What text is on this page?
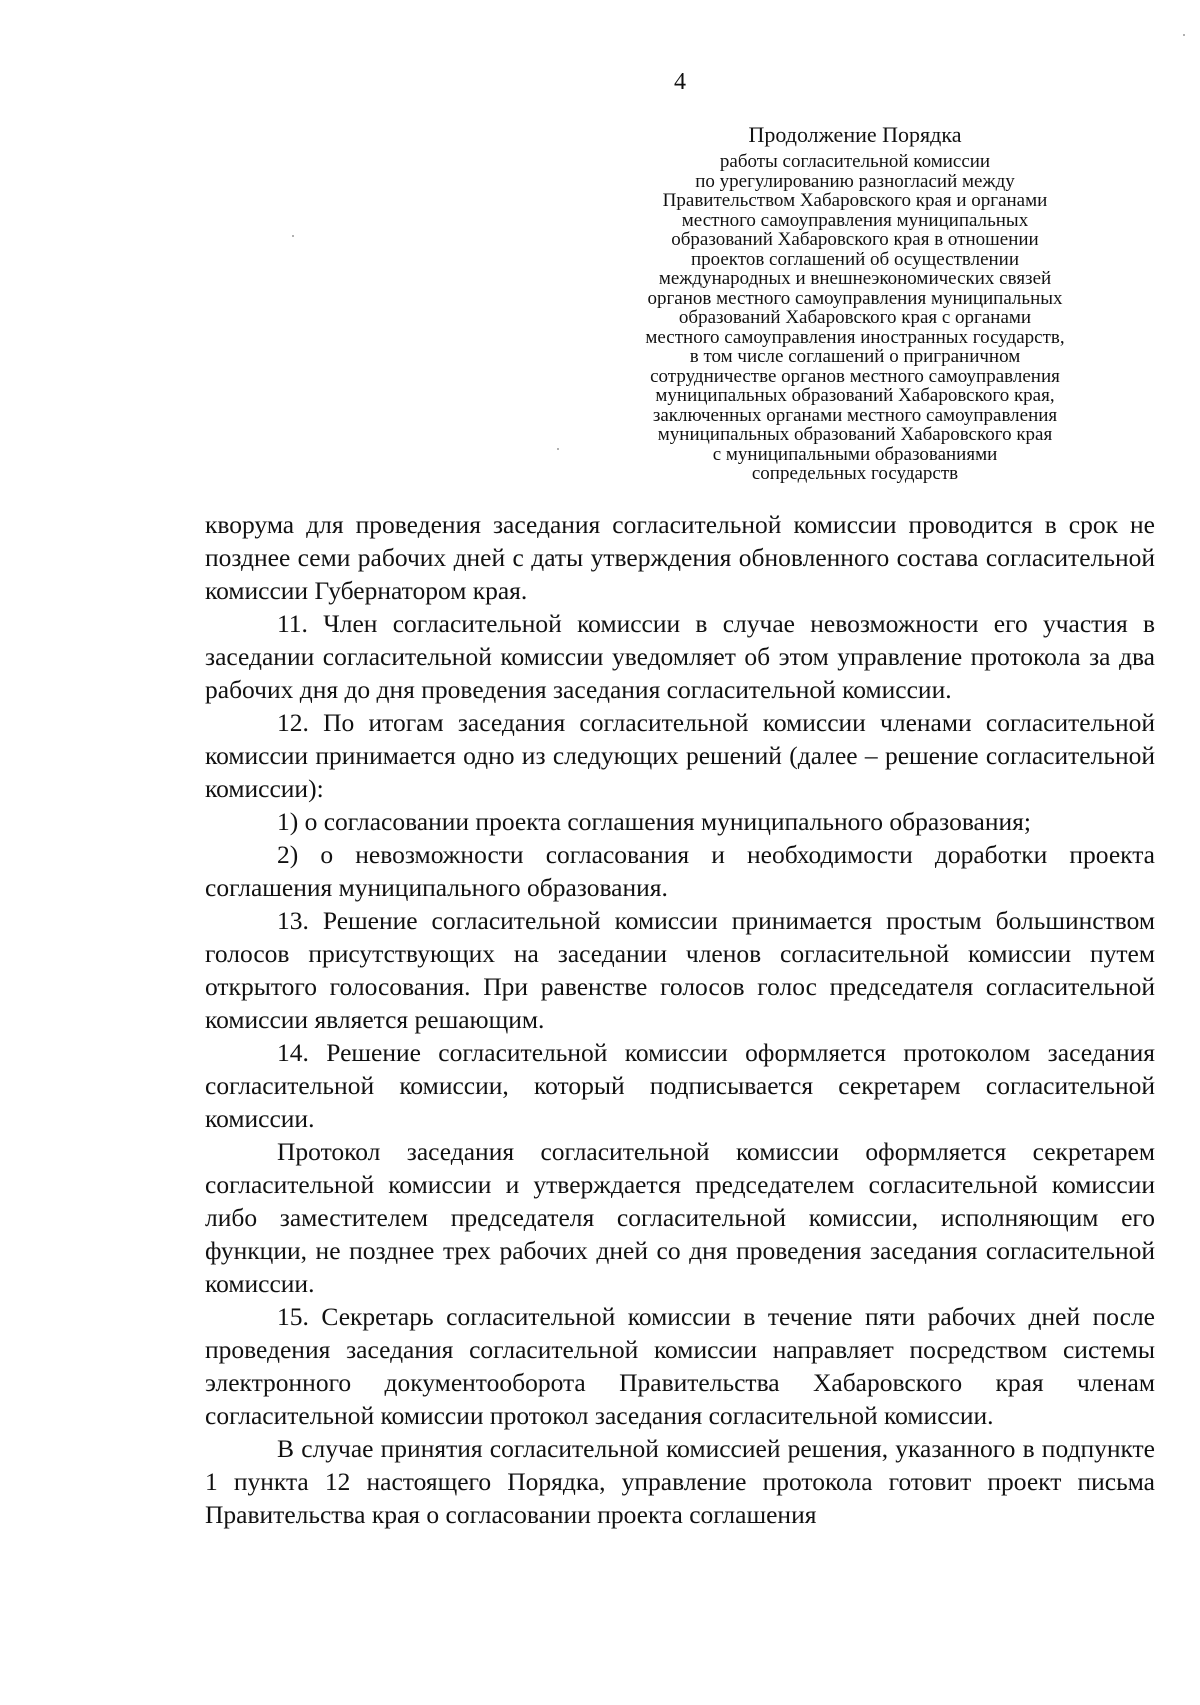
4

Продолжение Порядка

работы согласительной комиссии

по урегулированию разногласий между

Правительством Хабаровского края и органами

местного самоуправления муниципальных

образований Хабаровского края в отношении

проектов соглашений об осуществлении

международных и внешнеэкономических связей

органов местного самоуправления муниципальных

образований Хабаровского края с органами

местного самоуправления иностранных государств,

в том числе соглашений о приграничном

сотрудничестве органов местного самоуправления

муниципальных образований Хабаровского края,

заключенных органами местного самоуправления

муниципальных образований Хабаровского края

с муниципальными образованиями

сопредельных государств

кворума для проведения заседания согласительной комиссии проводится в срок не позднее семи рабочих дней с даты утверждения обновленного состава согласительной комиссии Губернатором края.

11. Член согласительной комиссии в случае невозможности его участия в заседании согласительной комиссии уведомляет об этом управление протокола за два рабочих дня до дня проведения заседания согласительной комиссии.

12. По итогам заседания согласительной комиссии членами согласительной комиссии принимается одно из следующих решений (далее – решение согласительной комиссии):

1) о согласовании проекта соглашения муниципального образования;

2) о невозможности согласования и необходимости доработки проекта соглашения муниципального образования.

13. Решение согласительной комиссии принимается простым большинством голосов присутствующих на заседании членов согласительной комиссии путем открытого голосования. При равенстве голосов голос председателя согласительной комиссии является решающим.

14. Решение согласительной комиссии оформляется протоколом заседания согласительной комиссии, который подписывается секретарем согласительной комиссии.

Протокол заседания согласительной комиссии оформляется секретарем согласительной комиссии и утверждается председателем согласительной комиссии либо заместителем председателя согласительной комиссии, исполняющим его функции, не позднее трех рабочих дней со дня проведения заседания согласительной комиссии.

15. Секретарь согласительной комиссии в течение пяти рабочих дней после проведения заседания согласительной комиссии направляет посредством системы электронного документооборота Правительства Хабаровского края членам согласительной комиссии протокол заседания согласительной комиссии.

В случае принятия согласительной комиссией решения, указанного в подпункте 1 пункта 12 настоящего Порядка, управление протокола готовит проект письма Правительства края о согласовании проекта соглашения
